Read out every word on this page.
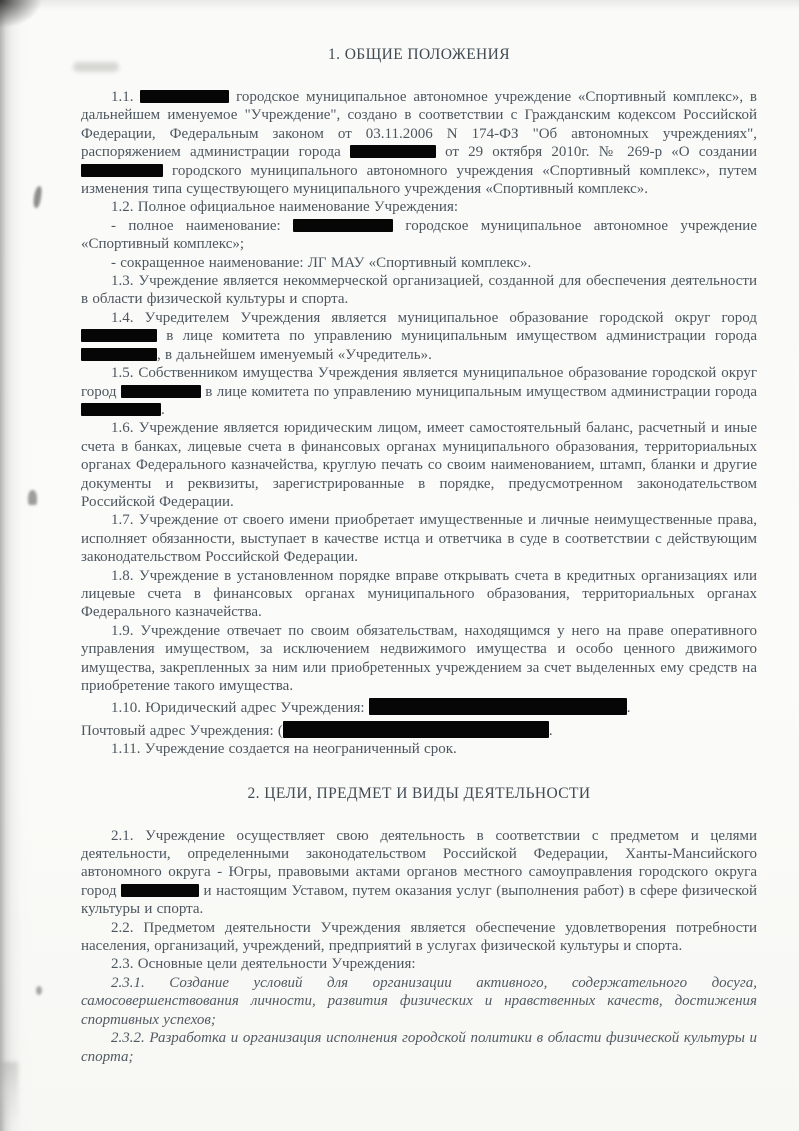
1. ОБЩИЕ ПОЛОЖЕНИЯ

1.1.	городское муниципальное автономное учреждение «Спортивный комплекс», в дальнейшем именуемое "Учреждение", создано в соответствии с Гражданским кодексом Российской Федерации, Федеральным законом от 03.11.2006 N 174-ФЗ "Об автономных учреждениях", распоряжением администрации города	от 29 октября 2010г. № 269-р «О создании  городского муниципального автономного учреждения «Спортивный комплекс», путем изменения типа существующего муниципального учреждения «Спортивный комплекс».

1.2. Полное официальное наименование Учреждения:

- полное наименование:	городское муниципальное автономное учреждение «Спортивный комплекс»;

- сокращенное наименование: ЛГ МАУ «Спортивный комплекс».

1.3. Учреждение является некоммерческой организацией, созданной для обеспечения деятельности в области физической культуры и спорта.

1.4. Учредителем Учреждения является муниципальное образование городской округ город  в лице комитета по управлению муниципальным имуществом администрации города , в дальнейшем именуемый «Учредитель».

1.5. Собственником имущества Учреждения является муниципальное образование городской округ город	в лице комитета по управлению муниципальным имуществом администрации города .

1.6. Учреждение является юридическим лицом, имеет самостоятельный баланс, расчетный и иные счета в банках, лицевые счета в финансовых органах муниципального образования, территориальных органах Федерального казначейства, круглую печать со своим наименованием, штамп, бланки и другие документы и реквизиты, зарегистрированные в порядке, предусмотренном законодательством Российской Федерации.

1.7. Учреждение от своего имени приобретает имущественные и личные неимущественные права, исполняет обязанности, выступает в качестве истца и ответчика в суде в соответствии с действующим законодательством Российской Федерации.

1.8. Учреждение в установленном порядке вправе открывать счета в кредитных организациях или лицевые счета в финансовых органах муниципального образования, территориальных органах Федерального казначейства.

1.9. Учреждение отвечает по своим обязательствам, находящимся у него на праве оперативного управления имуществом, за исключением недвижимого имущества и особо ценного движимого имущества, закрепленных за ним или приобретенных учреждением за счет выделенных ему средств на приобретение такого имущества.

1.10. Юридический адрес Учреждения:	.

Почтовый адрес Учреждения: (	.

1.11. Учреждение создается на неограниченный срок.

2. ЦЕЛИ, ПРЕДМЕТ И ВИДЫ ДЕЯТЕЛЬНОСТИ

2.1. Учреждение осуществляет свою деятельность в соответствии с предметом и целями деятельности, определенными законодательством Российской Федерации, Ханты-Мансийского автономного округа - Югры, правовыми актами органов местного самоуправления городского округа город	и настоящим Уставом, путем оказания услуг (выполнения работ) в сфере физической культуры и спорта.

2.2. Предметом деятельности Учреждения является обеспечение удовлетворения потребности населения, организаций, учреждений, предприятий в услугах физической культуры и спорта.

2.3. Основные цели деятельности Учреждения:

2.3.1. Создание условий для организации активного, содержательного досуга, самосовершенствования личности, развития физических и нравственных качеств, достижения спортивных успехов;

2.3.2. Разработка и организация исполнения городской политики в области физической культуры и спорта;
